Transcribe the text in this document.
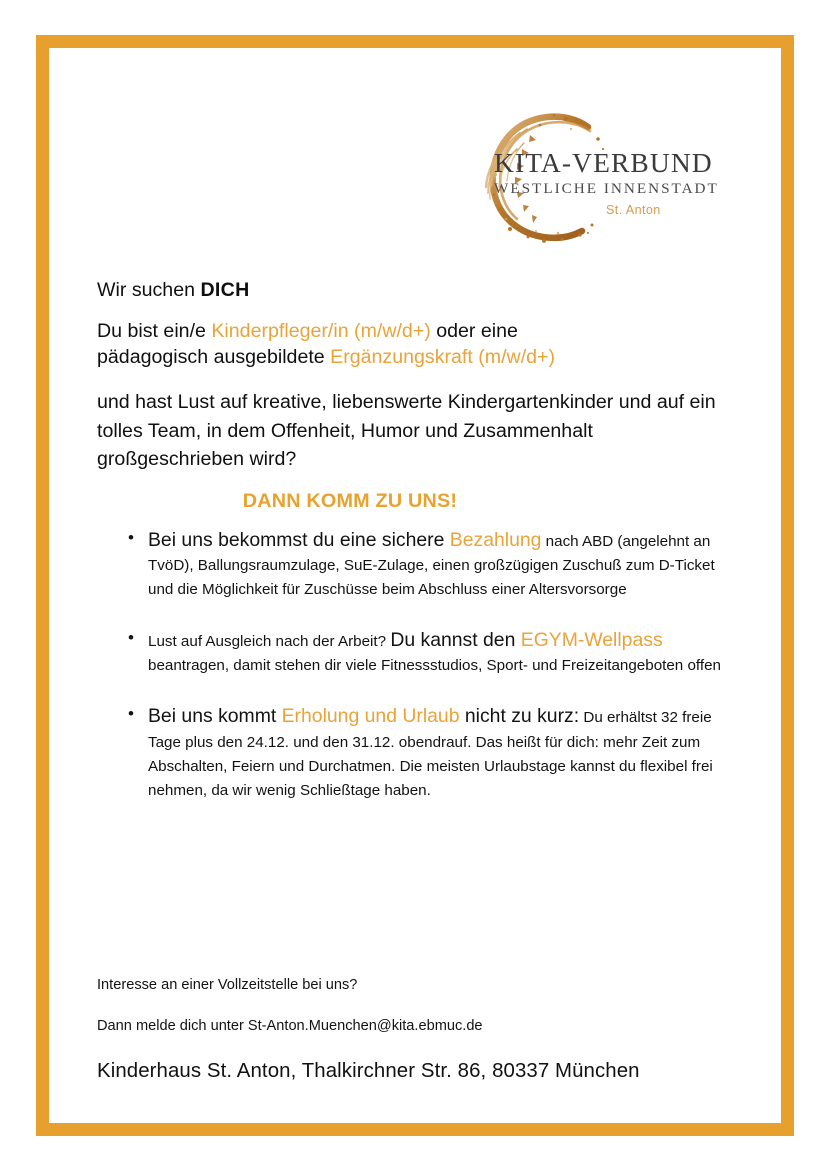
KITA-VERBUND
WESTLICHE INNENSTADT
St. Anton

Wir suchen DICH

Du bist ein/e Kinderpfleger/in (m/w/d+) oder eine
pädagogisch ausgebildete Ergänzungskraft (m/w/d+)

und hast Lust auf kreative, liebenswerte Kindergartenkinder und auf ein tolles Team, in dem Offenheit, Humor und Zusammenhalt großgeschrieben wird?

DANN KOMM ZU UNS!
• Bei uns bekommst du eine sichere Bezahlung nach ABD (angelehnt an TvöD), Ballungsraumzulage, SuE-Zulage, einen großzügigen Zuschuß zum D-Ticket und die Möglichkeit für Zuschüsse beim Abschluss einer Altersvorsorge
• Lust auf Ausgleich nach der Arbeit? Du kannst den EGYM-Wellpass beantragen, damit stehen dir viele Fitnessstudios, Sport- und Freizeitangeboten offen
• Bei uns kommt Erholung und Urlaub nicht zu kurz: Du erhältst 32 freie Tage plus den 24.12. und den 31.12. obendrauf. Das heißt für dich: mehr Zeit zum Abschalten, Feiern und Durchatmen. Die meisten Urlaubstage kannst du flexibel frei nehmen, da wir wenig Schließtage haben.

Interesse an einer Vollzeitstelle bei uns?

Dann melde dich unter St-Anton.Muenchen@kita.ebmuc.de

Kinderhaus St. Anton, Thalkirchner Str. 86, 80337 München
